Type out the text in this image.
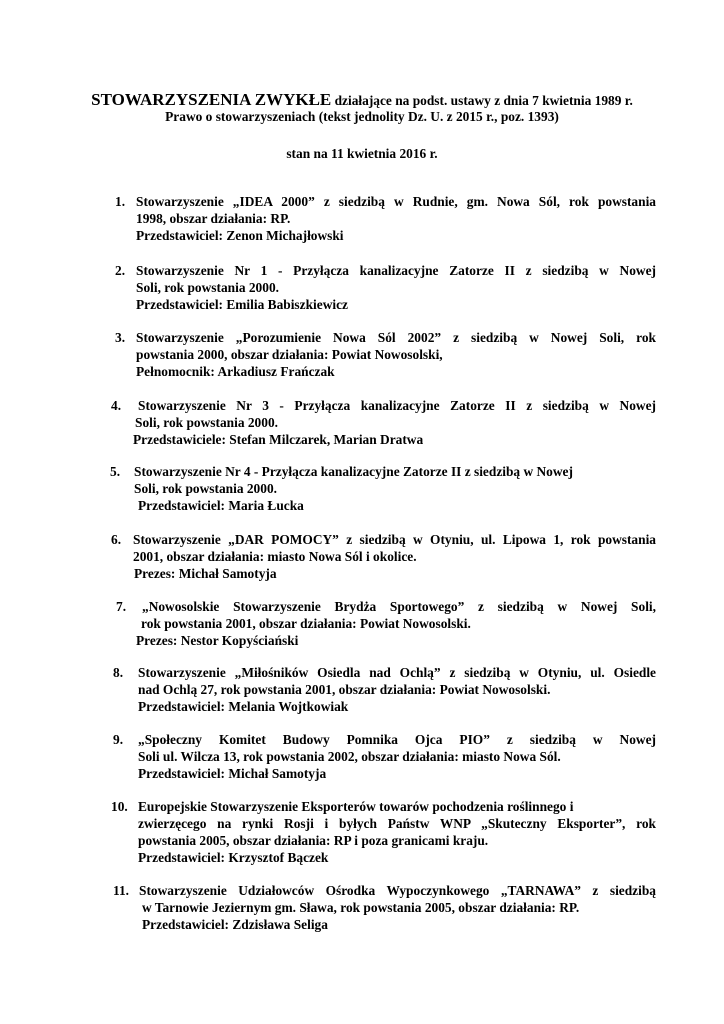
STOWARZYSZENIA ZWYKŁE działające na podst. ustawy z dnia 7 kwietnia 1989 r.
Prawo o stowarzyszeniach (tekst jednolity Dz. U. z 2015 r., poz. 1393)
stan na 11 kwietnia 2016 r.
1. Stowarzyszenie „IDEA 2000” z siedzibą w Rudnie, gm. Nowa Sól, rok powstania
1998, obszar działania: RP.
Przedstawiciel: Zenon Michajłowski
2. Stowarzyszenie Nr 1 - Przyłącza kanalizacyjne Zatorze II z siedzibą w Nowej
Soli, rok powstania 2000.
Przedstawiciel: Emilia Babiszkiewicz
3. Stowarzyszenie „Porozumienie Nowa Sól 2002” z siedzibą w Nowej Soli, rok
powstania 2000, obszar działania: Powiat Nowosolski,
Pełnomocnik: Arkadiusz Frańczak
4. Stowarzyszenie Nr 3 - Przyłącza kanalizacyjne Zatorze II z siedzibą w Nowej
Soli, rok powstania 2000.
Przedstawiciele: Stefan Milczarek, Marian Dratwa
5. Stowarzyszenie Nr 4 - Przyłącza kanalizacyjne Zatorze II z siedzibą w Nowej
Soli, rok powstania 2000.
Przedstawiciel: Maria Łucka
6. Stowarzyszenie „DAR POMOCY” z siedzibą w Otyniu, ul. Lipowa 1, rok powstania
2001, obszar działania: miasto Nowa Sól i okolice.
Prezes: Michał Samotyja
7. „Nowosolskie Stowarzyszenie Brydża Sportowego” z siedzibą w Nowej Soli,
rok powstania 2001, obszar działania: Powiat Nowosolski.
Prezes: Nestor Kopyściański
8. Stowarzyszenie „Miłośników Osiedla nad Ochlą” z siedzibą w Otyniu, ul. Osiedle
nad Ochlą 27, rok powstania 2001, obszar działania: Powiat Nowosolski.
Przedstawiciel: Melania Wojtkowiak
9. „Społeczny Komitet Budowy Pomnika Ojca PIO” z siedzibą w Nowej
Soli ul. Wilcza 13, rok powstania 2002, obszar działania: miasto Nowa Sól.
Przedstawiciel: Michał Samotyja
10. Europejskie Stowarzyszenie Eksporterów towarów pochodzenia roślinnego i
zwierzęcego na rynki Rosji i byłych Państw WNP „Skuteczny Eksporter”, rok
powstania 2005, obszar działania: RP i poza granicami kraju.
Przedstawiciel: Krzysztof Bączek
11. Stowarzyszenie Udziałowców Ośrodka Wypoczynkowego „TARNAWA” z siedzibą
w Tarnowie Jeziernym gm. Sława, rok powstania 2005, obszar działania: RP.
Przedstawiciel: Zdzisława Seliga
